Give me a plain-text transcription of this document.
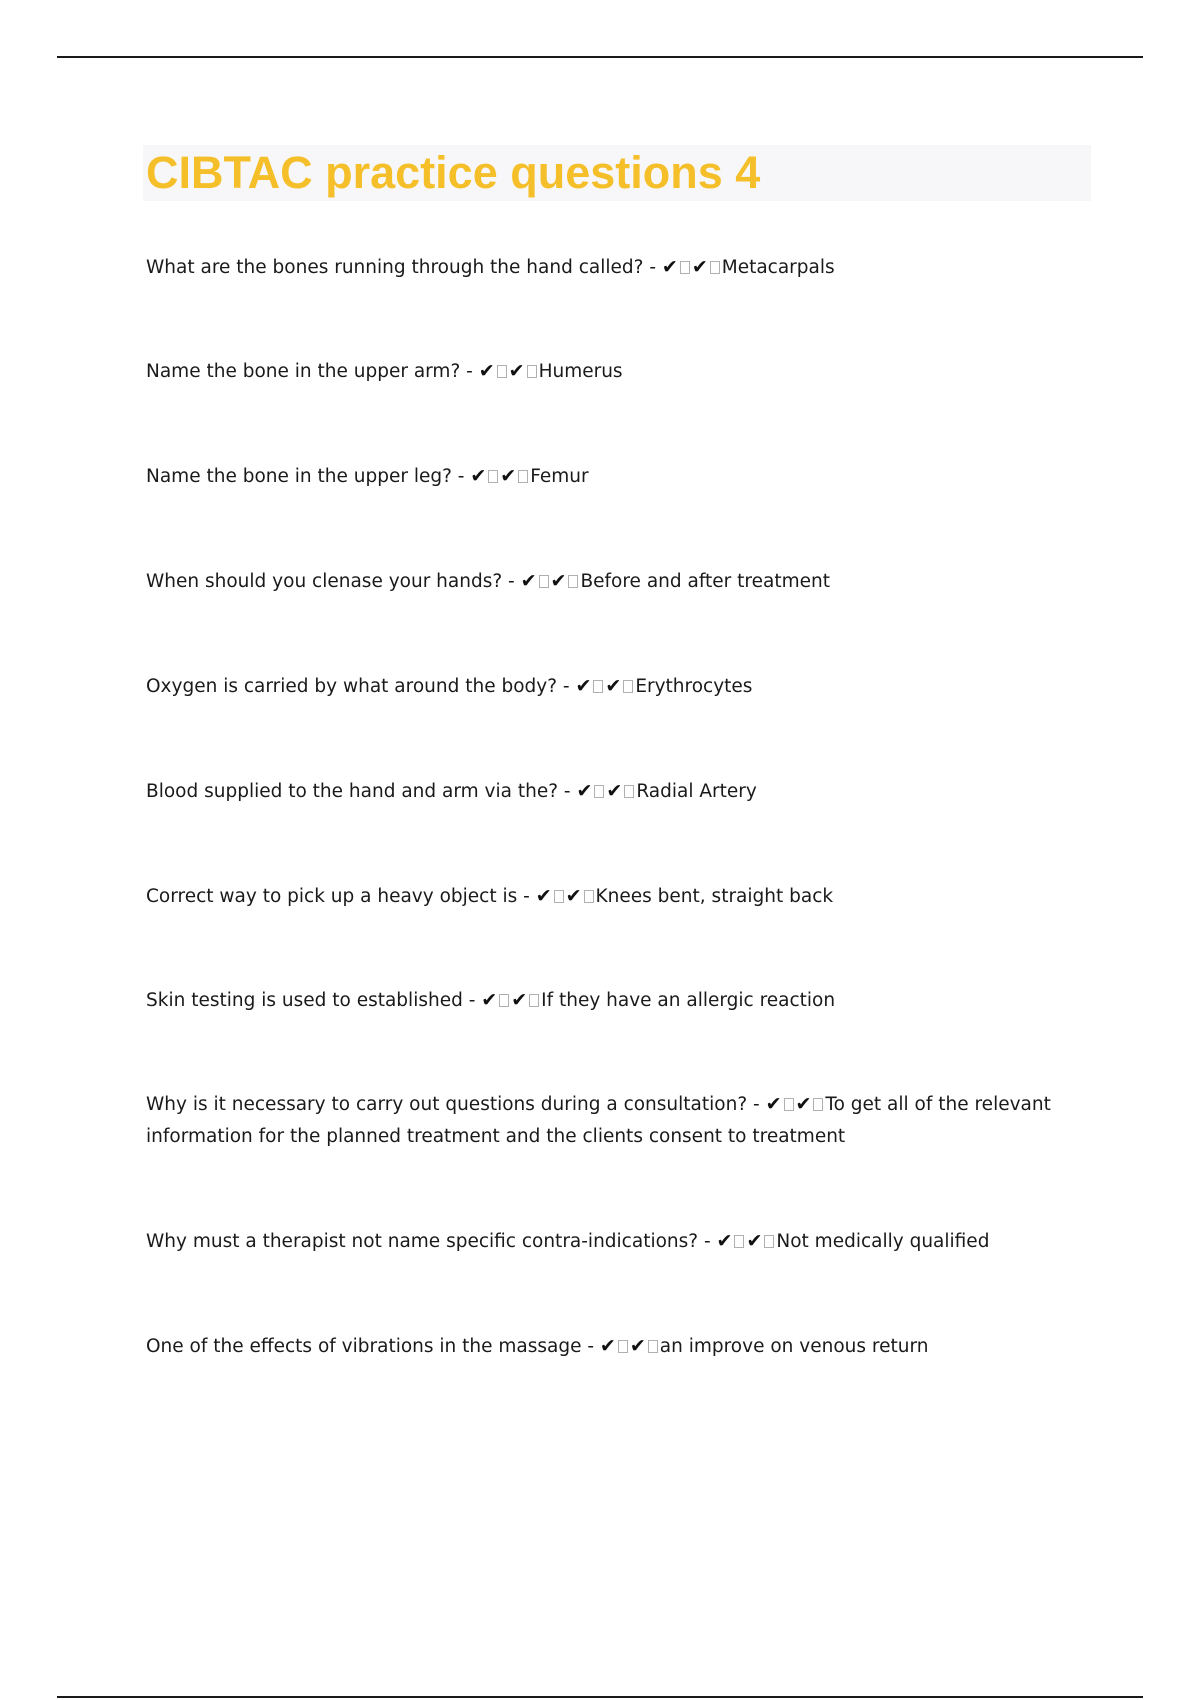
CIBTAC practice questions 4
What are the bones running through the hand called? - ✔ ✔ Metacarpals
Name the bone in the upper arm? - ✔ ✔ Humerus
Name the bone in the upper leg? - ✔ ✔ Femur
When should you clenase your hands? - ✔ ✔ Before and after treatment
Oxygen is carried by what around the body? - ✔ ✔ Erythrocytes
Blood supplied to the hand and arm via the? - ✔ ✔ Radial Artery
Correct way to pick up a heavy object is - ✔ ✔ Knees bent, straight back
Skin testing is used to established - ✔ ✔ If they have an allergic reaction
Why is it necessary to carry out questions during a consultation? - ✔ ✔ To get all of the relevant information for the planned treatment and the clients consent to treatment
Why must a therapist not name specific contra-indications? - ✔ ✔ Not medically qualified
One of the effects of vibrations in the massage - ✔ ✔ an improve on venous return
